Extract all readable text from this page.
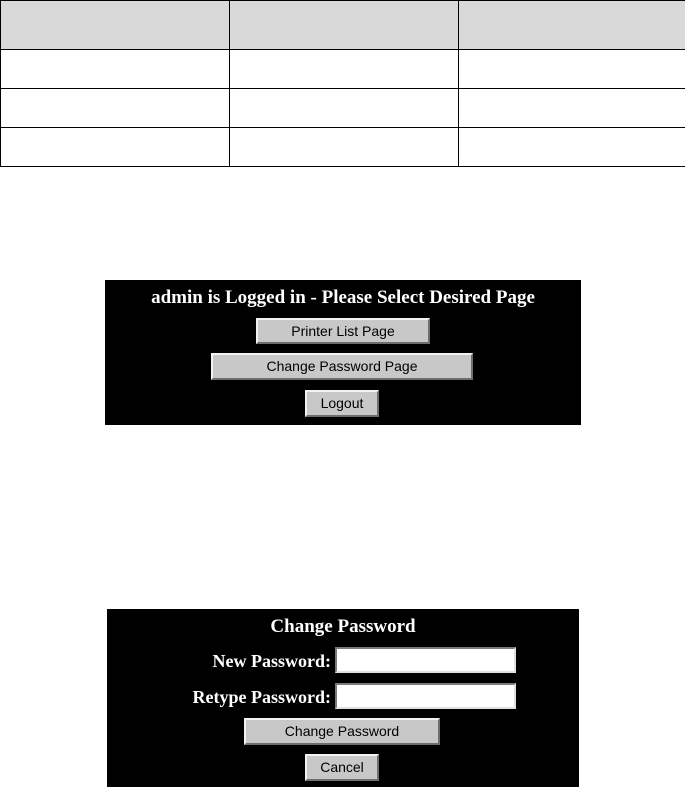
admin is Logged in - Please Select Desired Page
Printer List Page
Change Password Page
Logout
Change Password
New Password:
Retype Password:
Change Password
Cancel
